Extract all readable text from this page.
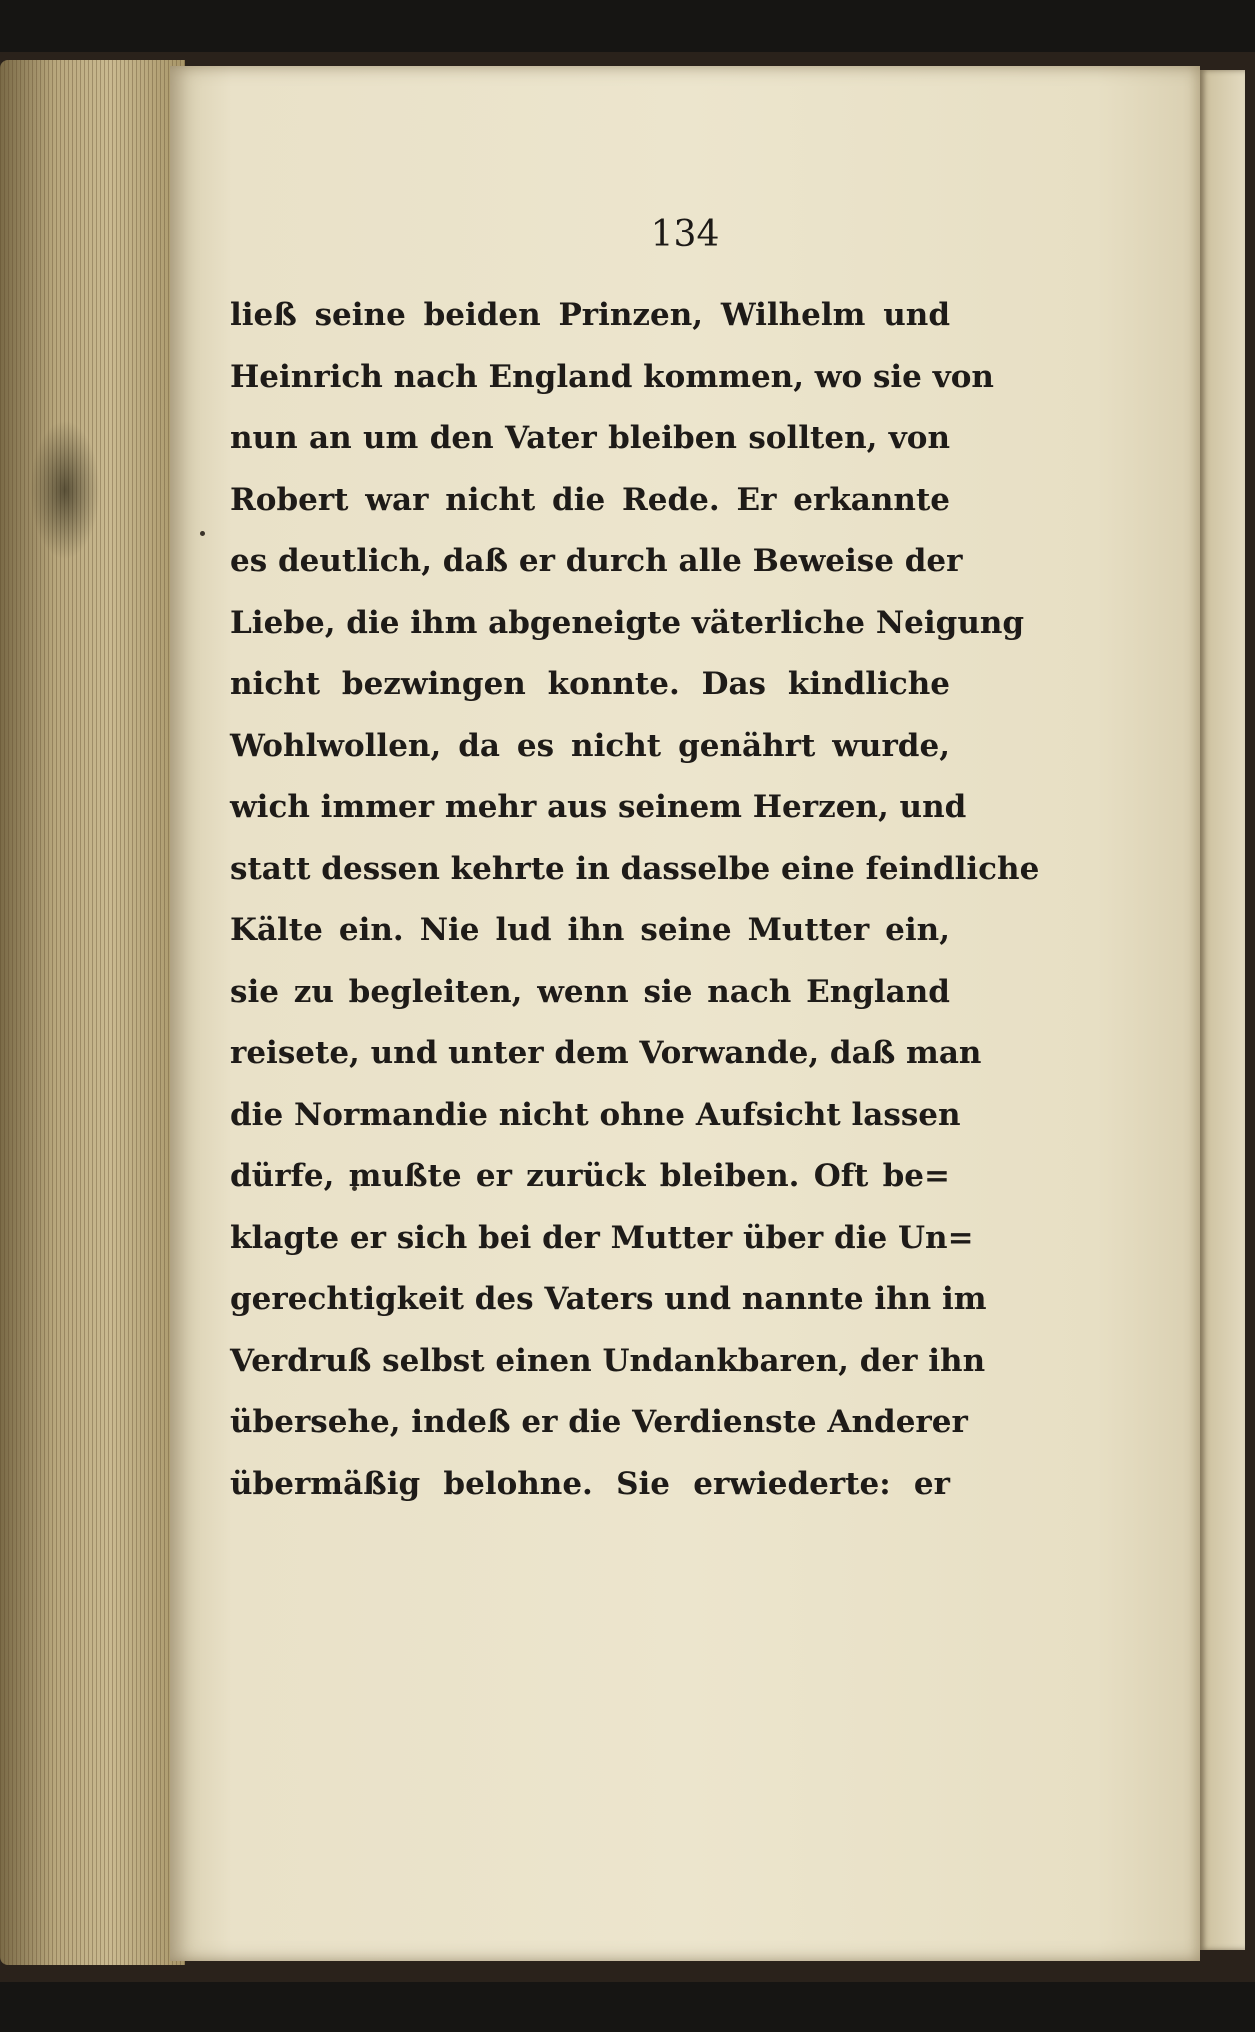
134
ließ seine beiden Prinzen, Wilhelm und
Heinrich nach England kommen, wo sie von
nun an um den Vater bleiben sollten, von
Robert war nicht die Rede. Er erkannte
es deutlich, daß er durch alle Beweise der
Liebe, die ihm abgeneigte väterliche Neigung
nicht bezwingen konnte. Das kindliche
Wohlwollen, da es nicht genährt wurde,
wich immer mehr aus seinem Herzen, und
statt dessen kehrte in dasselbe eine feindliche
Kälte ein. Nie lud ihn seine Mutter ein,
sie zu begleiten, wenn sie nach England
reisete, und unter dem Vorwande, daß man
die Normandie nicht ohne Aufsicht lassen
dürfe, mußte er zurück bleiben. Oft be=
klagte er sich bei der Mutter über die Un=
gerechtigkeit des Vaters und nannte ihn im
Verdruß selbst einen Undankbaren, der ihn
übersehe, indeß er die Verdienste Anderer
übermäßig belohne. Sie erwiederte: er
